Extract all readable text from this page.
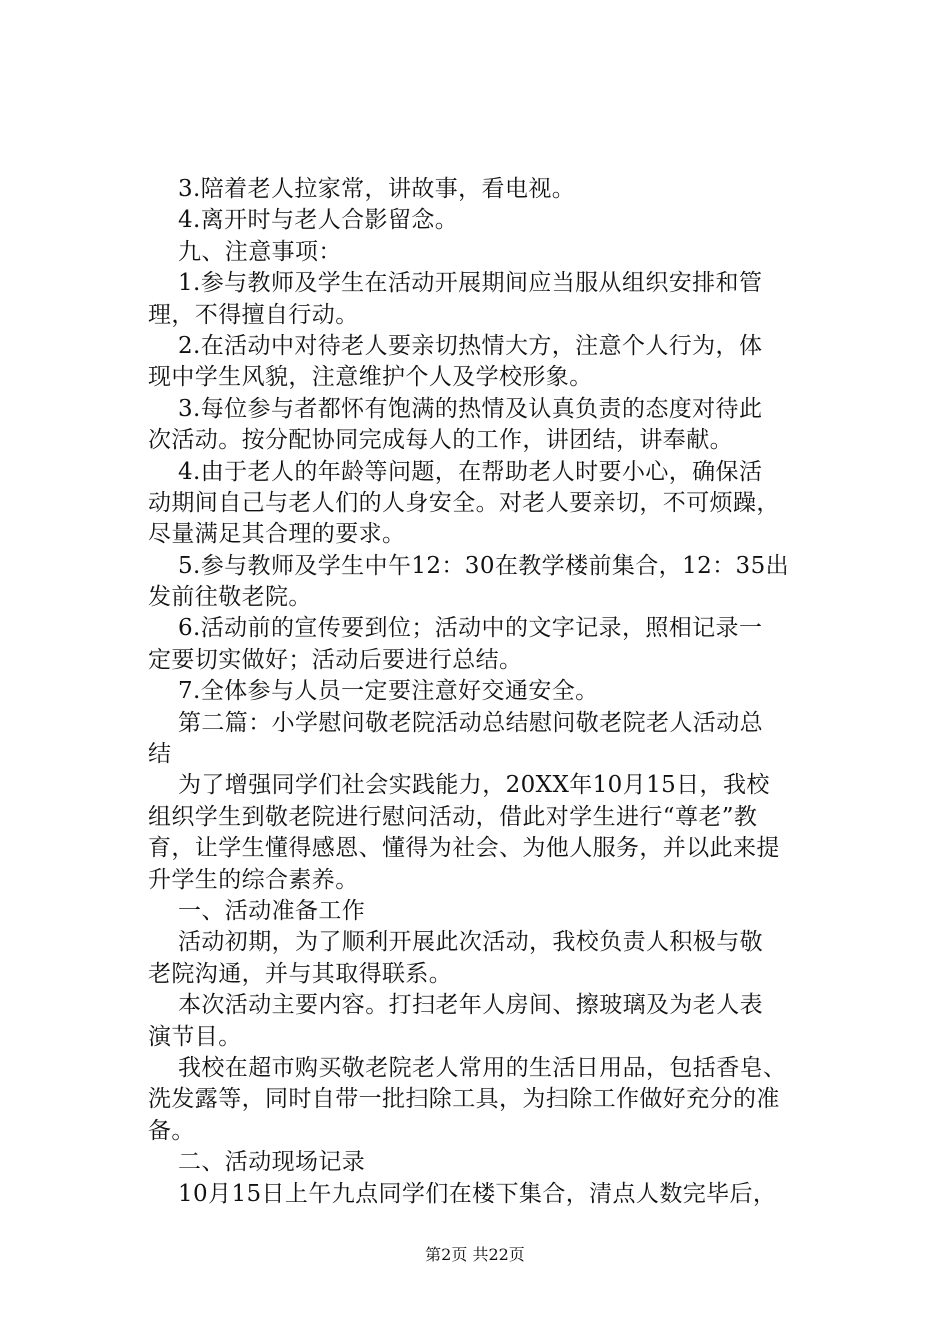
3.陪着老人拉家常，讲故事，看电视。
4.离开时与老人合影留念。
九、注意事项：
1.参与教师及学生在活动开展期间应当服从组织安排和管
理，不得擅自行动。
2.在活动中对待老人要亲切热情大方，注意个人行为，体
现中学生风貌，注意维护个人及学校形象。
3.每位参与者都怀有饱满的热情及认真负责的态度对待此
次活动。按分配协同完成每人的工作，讲团结，讲奉献。
4.由于老人的年龄等问题，在帮助老人时要小心，确保活
动期间自己与老人们的人身安全。对老人要亲切，不可烦躁，
尽量满足其合理的要求。
5.参与教师及学生中午12：30在教学楼前集合，12：35出
发前往敬老院。
6.活动前的宣传要到位；活动中的文字记录，照相记录一
定要切实做好；活动后要进行总结。
7.全体参与人员一定要注意好交通安全。
第二篇：小学慰问敬老院活动总结慰问敬老院老人活动总
结
为了增强同学们社会实践能力，20XX年10月15日，我校
组织学生到敬老院进行慰问活动，借此对学生进行“尊老”教
育，让学生懂得感恩、懂得为社会、为他人服务，并以此来提
升学生的综合素养。
一、活动准备工作
活动初期，为了顺利开展此次活动，我校负责人积极与敬
老院沟通，并与其取得联系。
本次活动主要内容。打扫老年人房间、擦玻璃及为老人表
演节目。
我校在超市购买敬老院老人常用的生活日用品，包括香皂、
洗发露等，同时自带一批扫除工具，为扫除工作做好充分的准
备。
二、活动现场记录
10月15日上午九点同学们在楼下集合，清点人数完毕后，
第2页 共22页
